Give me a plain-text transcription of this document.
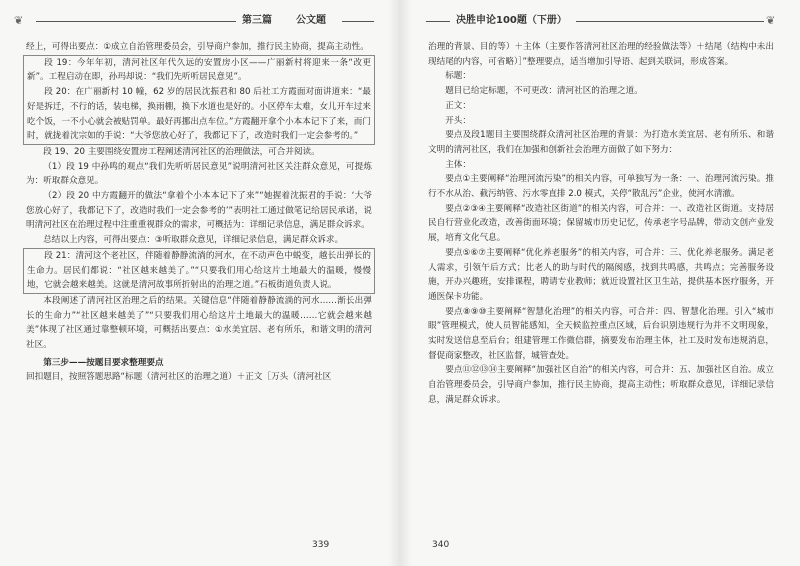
❦	第三篇	公文题

经上，可得出要点：①成立自治管理委员会，引导商户参加，推行民主协商，提高主动性。

段 19：今年年初，清河社区年代久远的安置房小区——广丽新村将迎来一条“改更新”。工程启动在即，孙玛却说：“我们先听听居民意见”。

段 20：在广丽新村 10 幢，62 岁的居民沈振君和 80 后社工方霞面对面讲道来：“最好是拆迁，不行的话，装电梯，换雨棚，换下水道也是好的。小区停车太难，女儿开车过来吃个饭，一不小心就会被贴罚单。最好再挪出点车位。”方霞翻开拿个小本本记下了来，而门时，就拢着沈宗如的手说：“大爷您放心好了，我都记下了，改造时我们一定会参考的。”

段 19、20 主要围绕安置房工程阐述清河社区的治理做法，可合并阅读。

（1）段 19 中孙鸣的观点“我们先听听居民意见”说明清河社区关注群众意见，可提炼为：听取群众意见。

（2）段 20 中方霞翻开的做法“拿着个小本本记下了来”“她握着沈振君的手说：‘大爷您放心好了，我都记下了，改造时我们一定会参考的’”表明社工通过做笔记给居民承诺，说明清河社区在治理过程中注重重视群众的需求，可概括为：详细记录信息，满足群众诉求。

总结以上内容，可得出要点：③听取群众意见，详细记录信息，满足群众诉求。

段 21：清河这个老社区，伴随着静静流淌的河水，在不动声色中蜕变，越长出弹长的生命力。居民们都说：“社区越来越美了。”“只要我们用心给这片土地最大的温暖，慢慢地，它就会越来越美。这就是清河故事所折射出的治理之道。”石板街道负责人说。

本段阐述了清河社区治理之后的结果。关键信息“伴随着静静流淌的河水……渐长出弹长的生命力”“社区越来越美了”“只要我们用心给这片土地最大的温暖……它就会越来越美”体现了社区通过靠整顿环境，可概括出要点：①水美宜居、老有所乐，和谐文明的清河社区。

第三步——按题目要求整理要点

回扣题目，按照答题思路“标题（清河社区的治理之道）＋正文［万头（清河社区

339
决胜申论100题（下册）	❦

治理的背景、目的等）＋主体（主要作答清河社区治理的经验做法等）＋结尾（结构中未出现结尾的内容，可省略）］”整理要点，适当增加引导语、起到关联词，形成答案。

标题：

题目已给定标题，不可更改：清河社区的治理之道。

正文：

开头：

要点及段1题目主要围绕群众清河社区治理的背景：为打造水美宜居、老有所乐、和谐文明的清河社区，我们在加强和创新社会治理方面做了如下努力：

主体：

要点①主要阐释“治理河流污染”的相关内容，可单独写为一条：一、治理河流污染。推行不水从治、截污纳管、污水零直排 2.0 模式，关停“散乱污”企业，使河水清澈。

要点②③④主要阐释“改造社区街道”的相关内容，可合并：一、改造社区街道。支持居民自行营业化改造，改善街面环境；保留城市历史记忆，传承老字号品牌，带动文创产业发展，培育文化气息。

要点⑤⑥⑦主要阐释“优化养老服务”的相关内容，可合并：三、优化养老服务。满足老人需求，引领午后方式；比老人的助与时代的隔阂感，找到共鸣感，共鸣点；完善服务设施，开办兴趣班，安排课程，聘请专业教师；就近设置社区卫生站，提供基本医疗服务，开通医保卡功能。

要点⑧⑨⑩主要阐释“智慧化治理”的相关内容，可合并：四、智慧化治理。引入“城市眼”管理模式，使人员智能感知，全天候监控重点区域，后台识别违规行为并不文明现象，实时发送信息至后台；组建管理工作微信群，摘要发布治理主体，社工及时发布违规消息，督促商家整改，社区监督，城管查处。

要点⑪⑫⑬⑭主要阐释“加强社区自治”的相关内容，可合并：五、加强社区自治。成立自治管理委员会，引导商户参加，推行民主协商，提高主动性；听取群众意见，详细记录信息，满足群众诉求。

340
